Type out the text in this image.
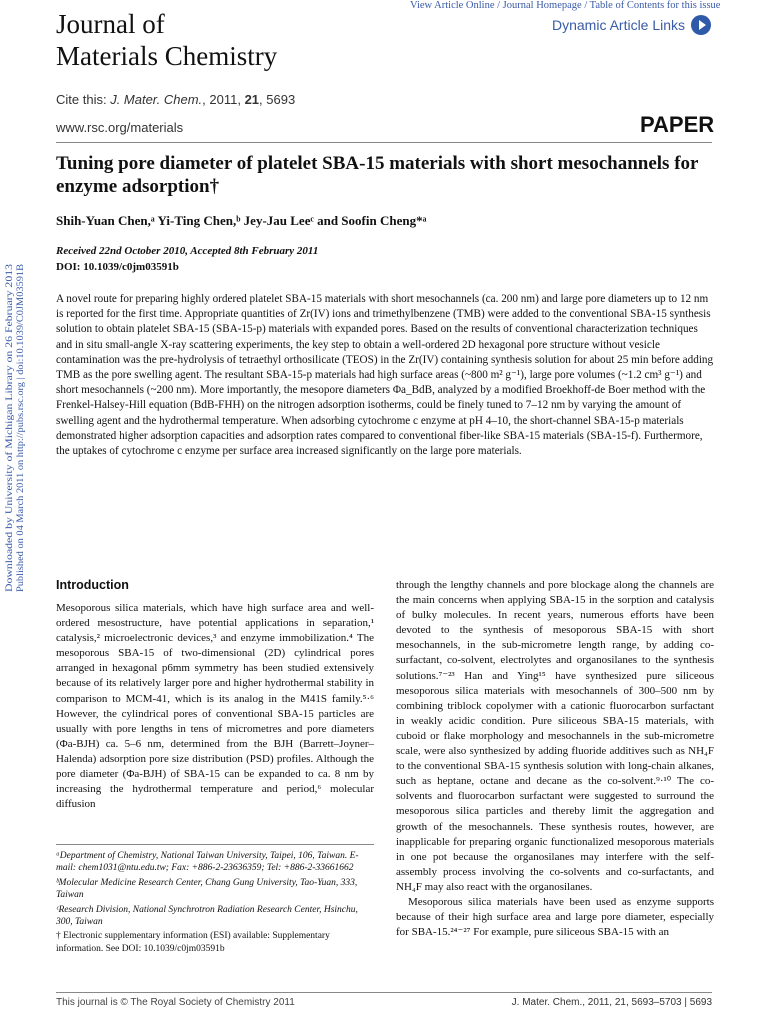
View Article Online / Journal Homepage / Table of Contents for this issue
Dynamic Article Links
Journal of
Materials Chemistry
Cite this: J. Mater. Chem., 2011, 21, 5693
www.rsc.org/materials	PAPER
Tuning pore diameter of platelet SBA-15 materials with short mesochannels for enzyme adsorption†
Shih-Yuan Chen,ᵃ Yi-Ting Chen,ᵇ Jey-Jau Leeᶜ and Soofin Cheng*ᵃ
Received 22nd October 2010, Accepted 8th February 2011
DOI: 10.1039/c0jm03591b
Downloaded by University of Michigan Library on 26 February 2013 Published on 04 March 2011 on http://pubs.rsc.org | doi:10.1039/C0JM03591B

A novel route for preparing highly ordered platelet SBA-15 materials with short mesochannels (ca. 200 nm) and large pore diameters up to 12 nm is reported for the first time. Appropriate quantities of Zr(IV) ions and trimethylbenzene (TMB) were added to the conventional SBA-15 synthesis solution to obtain platelet SBA-15 (SBA-15-p) materials with expanded pores. Based on the results of conventional characterization techniques and in situ small-angle X-ray scattering experiments, the key step to obtain a well-ordered 2D hexagonal pore structure without vesicle contamination was the pre-hydrolysis of tetraethyl orthosilicate (TEOS) in the Zr(IV) containing synthesis solution for about 25 min before adding TMB as the pore swelling agent. The resultant SBA-15-p materials had high surface areas (~800 m² g⁻¹), large pore volumes (~1.2 cm³ g⁻¹) and short mesochannels (~200 nm). More importantly, the mesopore diameters Φa_BdB, analyzed by a modified Broekhoff-de Boer method with the Frenkel-Halsey-Hill equation (BdB-FHH) on the nitrogen adsorption isotherms, could be finely tuned to 7–12 nm by varying the amount of swelling agent and the hydrothermal temperature. When adsorbing cytochrome c enzyme at pH 4–10, the short-channel SBA-15-p materials demonstrated higher adsorption capacities and adsorption rates compared to conventional fiber-like SBA-15 materials (SBA-15-f). Furthermore, the uptakes of cytochrome c enzyme per surface area increased significantly on the large pore materials.

Introduction

Mesoporous silica materials, which have high surface area and well-ordered mesostructure, have potential applications in separation,¹ catalysis,² microelectronic devices,³ and enzyme immobilization.⁴ The mesoporous SBA-15 of two-dimensional (2D) cylindrical pores arranged in hexagonal p6mm symmetry has been studied extensively because of its relatively larger pore and higher hydrothermal stability in comparison to MCM-41, which is its analog in the M41S family.⁵·⁶ However, the cylindrical pores of conventional SBA-15 particles are usually with pore lengths in tens of micrometres and pore diameters (Φa-BJH) ca. 5–6 nm, determined from the BJH (Barrett–Joyner–Halenda) adsorption pore size distribution (PSD) profiles. Although the pore diameter (Φa-BJH) of SBA-15 can be expanded to ca. 8 nm by increasing the hydrothermal temperature and period,⁶ molecular diffusion

through the lengthy channels and pore blockage along the channels are the main concerns when applying SBA-15 in the sorption and catalysis of bulky molecules. In recent years, numerous efforts have been devoted to the synthesis of mesoporous SBA-15 with short mesochannels, in the sub-micrometre length range, by adding co-surfactant, co-solvent, electrolytes and organosilanes to the synthesis solutions.⁷⁻²³ Han and Ying¹⁵ have synthesized pure siliceous mesoporous silica materials with mesochannels of 300–500 nm by combining triblock copolymer with a cationic fluorocarbon surfactant in weakly acidic condition. Pure siliceous SBA-15 materials, with cuboid or flake morphology and mesochannels in the sub-micrometre scale, were also synthesized by adding fluoride additives such as NH₄F to the conventional SBA-15 synthesis solution with long-chain alkanes, such as heptane, octane and decane as the co-solvent.⁹·¹⁰ The co-solvents and fluorocarbon surfactant were suggested to surround the mesoporous silica particles and thereby limit the aggregation and growth of the mesochannels. These synthesis routes, however, are inapplicable for preparing organic functionalized mesoporous materials in one pot because the organosilanes may interfere with the self-assembly process involving the co-solvents and co-surfactants, and NH₄F may also react with the organosilanes.

Mesoporous silica materials have been used as enzyme supports because of their high surface area and large pore diameter, especially for SBA-15.²⁴⁻²⁷ For example, pure siliceous SBA-15 with an

ᵃDepartment of Chemistry, National Taiwan University, Taipei, 106, Taiwan. E-mail: chem1031@ntu.edu.tw; Fax: +886-2-23636359; Tel: +886-2-33661662
ᵇMolecular Medicine Research Center, Chang Gung University, Tao-Yuan, 333, Taiwan
ᶜResearch Division, National Synchrotron Radiation Research Center, Hsinchu, 300, Taiwan
† Electronic supplementary information (ESI) available: Supplementary information. See DOI: 10.1039/c0jm03591b
This journal is © The Royal Society of Chemistry 2011	J. Mater. Chem., 2011, 21, 5693–5703 | 5693
